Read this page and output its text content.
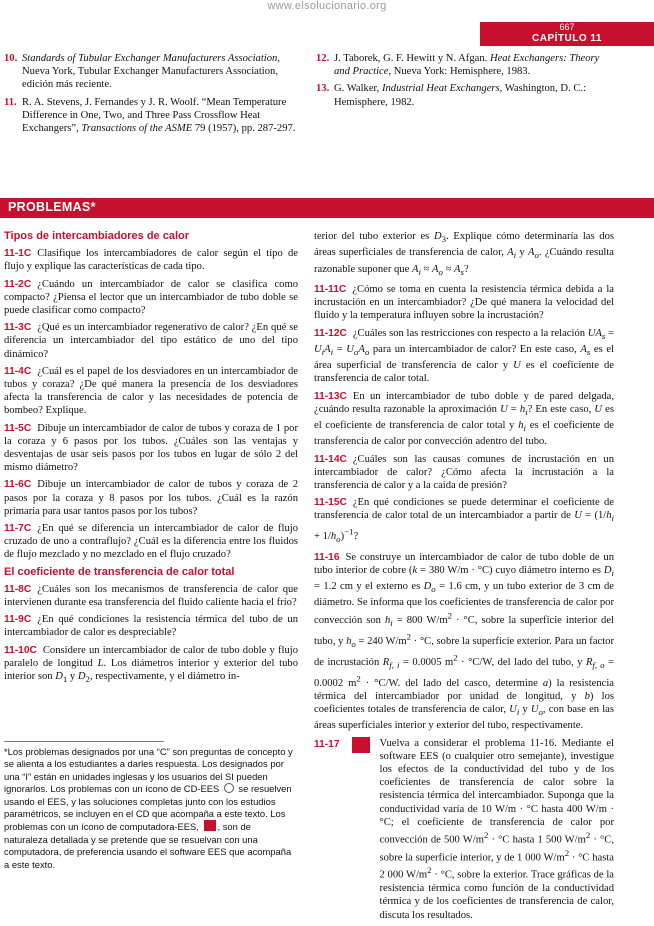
www.elsolucionario.org
667
CAPÍTULO 11
10. Standards of Tubular Exchanger Manufacturers Association, Nueva York, Tubular Exchanger Manufacturers Association, edición más reciente.
11. R. A. Stevens, J. Fernandes y J. R. Woolf. “Mean Temperature Difference in One, Two, and Three Pass Crossflow Heat Exchangers”, Transactions of the ASME 79 (1957), pp. 287-297.
12. J. Taborek, G. F. Hewitt y N. Afgan. Heat Exchangers: Theory and Practice, Nueva York: Hemisphere, 1983.
13. G. Walker, Industrial Heat Exchangers, Washington, D. C.: Hemisphere, 1982.
PROBLEMAS*
Tipos de intercambiadores de calor

11-1C Clasifique los intercambiadores de calor según el tipo de flujo y explique las características de cada tipo.

11-2C ¿Cuándo un intercambiador de calor se clasifica como compacto? ¿Piensa el lector que un intercambiador de tubo doble se puede clasificar como compacto?

11-3C ¿Qué es un intercambiador regenerativo de calor? ¿En qué se diferencia un intercambiador del tipo estático de uno del tipo dinámico?

11-4C ¿Cuál es el papel de los desviadores en un intercambiador de tubos y coraza? ¿De qué manera la presencia de los desviadores afecta la transferencia de calor y las necesidades de potencia de bombeo? Explique.

11-5C Dibuje un intercambiador de calor de tubos y coraza de 1 por la coraza y 6 pasos por los tubos. ¿Cuáles son las ventajas y desventajas de usar seis pasos por los tubos en lugar de sólo 2 del mismo diámetro?

11-6C Dibuje un intercambiador de calor de tubos y coraza de 2 pasos por la coraza y 8 pasos por los tubos. ¿Cuál es la razón primaria para usar tantos pasos por los tubos?

11-7C ¿En qué se diferencia un intercambiador de calor de flujo cruzado de uno a contraflujo? ¿Cuál es la diferencia entre los fluidos de flujo mezclado y no mezclado en el flujo cruzado?

El coeficiente de transferencia de calor total

11-8C ¿Cuáles son los mecanismos de transferencia de calor que intervienen durante esa transferencia del fluido caliente hacia el frío?

11-9C ¿En qué condiciones la resistencia térmica del tubo de un intercambiador de calor es despreciable?

11-10C Considere un intercambiador de calor de tubo doble y flujo paralelo de longitud L. Los diámetros interior y exterior del tubo interior son $D_1$ y $D_2$, respectivamente, y el diámetro in-

terior del tubo exterior es $D_3$. Explique cómo determinaría las dos áreas superficiales de transferencia de calor, $A_i$ y $A_o$. ¿Cuándo resulta razonable suponer que $A_i \approx A_o \approx A_s$?

11-11C ¿Cómo se toma en cuenta la resistencia térmica debida a la incrustación en un intercambiador? ¿De qué manera la velocidad del fluido y la temperatura influyen sobre la incrustación?

11-12C ¿Cuáles son las restricciones con respecto a la relación $UA_s = U_iA_i = U_oA_o$ para un intercambiador de calor? En este caso, $A_s$ es el área superficial de transferencia de calor y U es el coeficiente de transferencia de calor total.

11-13C En un intercambiador de tubo doble y de pared delgada, ¿cuándo resulta razonable la aproximación $U = h_i$? En este caso, U es el coeficiente de transferencia de calor total y $h_i$ es el coeficiente de transferencia de calor por convección adentro del tubo.

11-14C ¿Cuáles son las causas comunes de incrustación en un intercambiador de calor? ¿Cómo afecta la incrustación a la transferencia de calor y a la caída de presión?

11-15C ¿En qué condiciones se puede determinar el coeficiente de transferencia de calor total de un intercambiador a partir de $U = (1/h_i + 1/h_o)^{-1}$?

11-16 Se construye un intercambiador de calor de tubo doble de un tubo interior de cobre (k = 380 W/m · °C) cuyo diámetro interno es $D_i = 1.2$ cm y el externo es $D_o = 1.6$ cm, y un tubo exterior de 3 cm de diámetro. Se informa que los coeficientes de transferencia de calor por convección son $h_i = 800$ $W/m^2 \cdot ^\circ C$, sobre la superficie interior del tubo, y $h_o = 240$ $W/m^2 \cdot ^\circ C$, sobre la superficie exterior. Para un factor de incrustación $R_{f, i} = 0.0005$ $m^2 \cdot ^\circ C/W$, del lado del tubo, y $R_{f, o} = 0.0002$ $m^2 \cdot ^\circ C/W$. del lado del casco, determine a) la resistencia térmica del intercambiador por unidad de longitud, y b) los coeficientes totales de transferencia de calor, $U_i$ y $U_o$, con base en las áreas superficiales interior y exterior del tubo, respectivamente.

11-17	Vuelva a considerar el problema 11-16. Mediante el software EES (o cualquier otro semejante), investigue los efectos de la conductividad del tubo y de los coeficientes de transferencia de calor sobre la resistencia térmica del intercambiador. Suponga que la conductividad varía de 10 W/m · °C hasta 400 W/m · °C; el coeficiente de transferencia de calor por convección de 500 $W/m^2 \cdot ^\circ C$ hasta 1 500 $W/m^2 \cdot ^\circ C$, sobre la superficie interior, y de 1 000 $W/m^2 \cdot ^\circ C$ hasta 2 000 $W/m^2 \cdot ^\circ C$, sobre la exterior. Trace gráficas de la resistencia térmica como función de la conductividad térmica y de los coeficientes de transferencia de calor, discuta los resultados.

*Los problemas designados por una “C” son preguntas de concepto y se alienta a los estudiantes a darles respuesta. Los designados por una “I” están en unidades inglesas y los usuarios del SI pueden ignorarlos. Los problemas con un ícono de CD-EES  se resuelven usando el EES, y las soluciones completas junto con los estudios paramétricos, se incluyen en el CD que acompaña a este texto. Los problemas con un ícono de computadora-EES, , son de naturaleza detallada y se pretende que se resuelvan con una computadora, de preferencia usando el software EES que acompaña a este texto.
